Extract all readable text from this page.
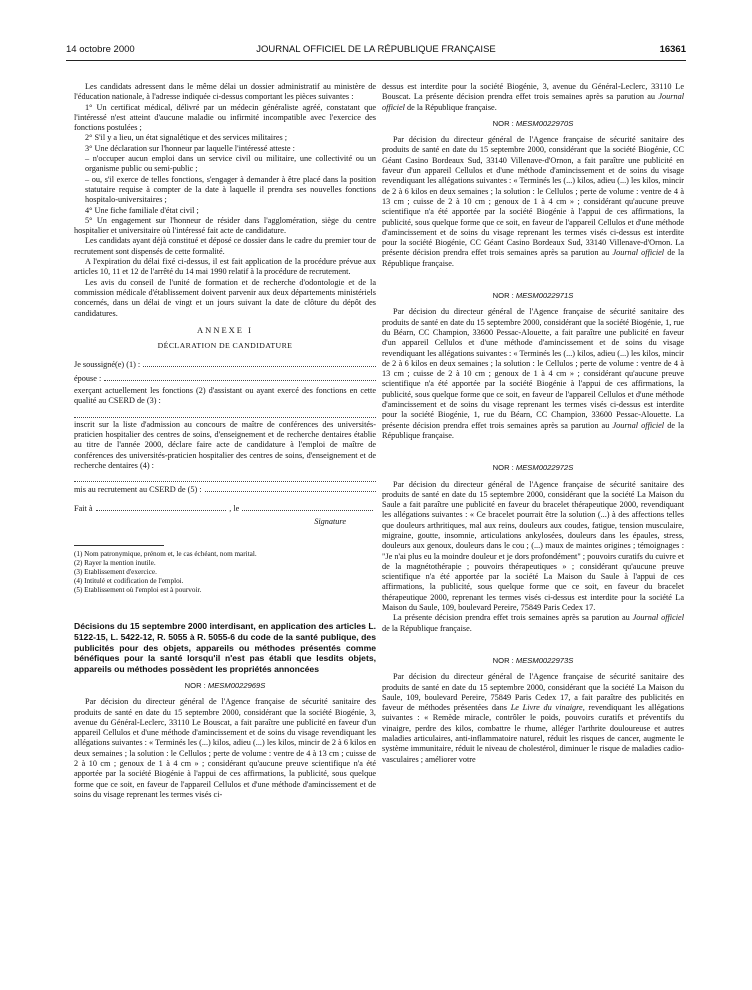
14 octobre 2000	JOURNAL OFFICIEL DE LA RÉPUBLIQUE FRANÇAISE	16361

Les candidats adressent dans le même délai un dossier administratif au ministère de l'éducation nationale, à l'adresse indiquée ci-dessus comportant les pièces suivantes :

1° Un certificat médical, délivré par un médecin généraliste agréé, constatant que l'intéressé n'est atteint d'aucune maladie ou infirmité incompatible avec l'exercice des fonctions postulées ;

2° S'il y a lieu, un état signalétique et des services militaires ;

3° Une déclaration sur l'honneur par laquelle l'intéressé atteste :

– n'occuper aucun emploi dans un service civil ou militaire, une collectivité ou un organisme public ou semi-public ;

– ou, s'il exerce de telles fonctions, s'engager à demander à être placé dans la position statutaire requise à compter de la date à laquelle il prendra ses nouvelles fonctions hospitalo-universitaires ;

4° Une fiche familiale d'état civil ;

5° Un engagement sur l'honneur de résider dans l'agglomération, siège du centre hospitalier et universitaire où l'intéressé fait acte de candidature.

Les candidats ayant déjà constitué et déposé ce dossier dans le cadre du premier tour de recrutement sont dispensés de cette formalité.

A l'expiration du délai fixé ci-dessus, il est fait application de la procédure prévue aux articles 10, 11 et 12 de l'arrêté du 14 mai 1990 relatif à la procédure de recrutement.

Les avis du conseil de l'unité de formation et de recherche d'odontologie et de la commission médicale d'établissement doivent parvenir aux deux départements ministériels concernés, dans un délai de vingt et un jours suivant la date de clôture du dépôt des candidatures.

ANNEXE I
DÉCLARATION DE CANDIDATURE
Je soussigné(e) (1) :
épouse :

exerçant actuellement les fonctions (2) d'assistant ou ayant exercé des fonctions en cette qualité au CSERD de (3) :

inscrit sur la liste d'admission au concours de maître de conférences des universités-praticien hospitalier des centres de soins, d'enseignement et de recherche dentaires établie au titre de l'année 2000, déclare faire acte de candidature à l'emploi de maître de conférences des universités-praticien hospitalier des centres de soins, d'enseignement et de recherche dentaires (4) :

mis au recrutement au CSERD de (5) :
Fait à	, le
Signature

(1) Nom patronymique, prénom et, le cas échéant, nom marital.

(2) Rayer la mention inutile.

(3) Etablissement d'exercice.

(4) Intitulé et codification de l'emploi.

(5) Etablissement où l'emploi est à pourvoir.

Décisions du 15 septembre 2000 interdisant, en application des articles L. 5122-15, L. 5422-12, R. 5055 à R. 5055-6 du code de la santé publique, des publicités pour des objets, appareils ou méthodes présentés comme bénéfiques pour la santé lorsqu'il n'est pas établi que lesdits objets, appareils ou méthodes possèdent les propriétés annoncées
NOR : MESM0022969S

Par décision du directeur général de l'Agence française de sécurité sanitaire des produits de santé en date du 15 septembre 2000, considérant que la société Biogénie, 3, avenue du Général-Leclerc, 33110 Le Bouscat, a fait paraître une publicité en faveur d'un appareil Cellulos et d'une méthode d'amincissement et de soins du visage revendiquant les allégations suivantes : « Terminés les (...) kilos, adieu (...) les kilos, mincir de 2 à 6 kilos en deux semaines ; la solution : le Cellulos ; perte de volume : ventre de 4 à 13 cm ; cuisse de 2 à 10 cm ; genoux de 1 à 4 cm » ; considérant qu'aucune preuve scientifique n'a été apportée par la société Biogénie à l'appui de ces affirmations, la publicité, sous quelque forme que ce soit, en faveur de l'appareil Cellulos et d'une méthode d'amincissement et de soins du visage reprenant les termes visés ci-

dessus est interdite pour la société Biogénie, 3, avenue du Général-Leclerc, 33110 Le Bouscat. La présente décision prendra effet trois semaines après sa parution au Journal officiel de la République française.

NOR : MESM0022970S

Par décision du directeur général de l'Agence française de sécurité sanitaire des produits de santé en date du 15 septembre 2000, considérant que la société Biogénie, CC Géant Casino Bordeaux Sud, 33140 Villenave-d'Ornon, a fait paraître une publicité en faveur d'un appareil Cellulos et d'une méthode d'amincissement et de soins du visage revendiquant les allégations suivantes : « Terminés les (...) kilos, adieu (...) les kilos, mincir de 2 à 6 kilos en deux semaines ; la solution : le Cellulos ; perte de volume : ventre de 4 à 13 cm ; cuisse de 2 à 10 cm ; genoux de 1 à 4 cm » ; considérant qu'aucune preuve scientifique n'a été apportée par la société Biogénie à l'appui de ces affirmations, la publicité, sous quelque forme que ce soit, en faveur de l'appareil Cellulos et d'une méthode d'amincissement et de soins du visage reprenant les termes visés ci-dessus est interdite pour la société Biogénie, CC Géant Casino Bordeaux Sud, 33140 Villenave-d'Ornon. La présente décision prendra effet trois semaines après sa parution au Journal officiel de la République française.

NOR : MESM0022971S

Par décision du directeur général de l'Agence française de sécurité sanitaire des produits de santé en date du 15 septembre 2000, considérant que la société Biogénie, 1, rue du Béarn, CC Champion, 33600 Pessac-Alouette, a fait paraître une publicité en faveur d'un appareil Cellulos et d'une méthode d'amincissement et de soins du visage revendiquant les allégations suivantes : « Terminés les (...) kilos, adieu (...) les kilos, mincir de 2 à 6 kilos en deux semaines ; la solution : le Cellulos ; perte de volume : ventre de 4 à 13 cm ; cuisse de 2 à 10 cm ; genoux de 1 à 4 cm » ; considérant qu'aucune preuve scientifique n'a été apportée par la société Biogénie à l'appui de ces affirmations, la publicité, sous quelque forme que ce soit, en faveur de l'appareil Cellulos et d'une méthode d'amincissement et de soins du visage reprenant les termes visés ci-dessus est interdite pour la société Biogénie, 1, rue du Béarn, CC Champion, 33600 Pessac-Alouette. La présente décision prendra effet trois semaines après sa parution au Journal officiel de la République française.

NOR : MESM0022972S

Par décision du directeur général de l'Agence française de sécurité sanitaire des produits de santé en date du 15 septembre 2000, considérant que la société La Maison du Saule a fait paraître une publicité en faveur du bracelet thérapeutique 2000, revendiquant les allégations suivantes : « Ce bracelet pourrait être la solution (...) à des affections telles que douleurs arthritiques, mal aux reins, douleurs aux coudes, fatigue, tension musculaire, migraine, goutte, insomnie, articulations ankylosées, douleurs dans les épaules, stress, douleurs aux genoux, douleurs dans le cou ; (...) maux de maintes origines ; témoignages : "Je n'ai plus eu la moindre douleur et je dors profondément" ; pouvoirs curatifs du cuivre et de la magnétothérapie ; pouvoirs thérapeutiques » ; considérant qu'aucune preuve scientifique n'a été apportée par la société La Maison du Saule à l'appui de ces affirmations, la publicité, sous quelque forme que ce soit, en faveur du bracelet thérapeutique 2000, reprenant les termes visés ci-dessus est interdite pour la société La Maison du Saule, 109, boulevard Pereire, 75849 Paris Cedex 17.

La présente décision prendra effet trois semaines après sa parution au Journal officiel de la République française.

NOR : MESM0022973S

Par décision du directeur général de l'Agence française de sécurité sanitaire des produits de santé en date du 15 septembre 2000, considérant que la société La Maison du Saule, 109, boulevard Pereire, 75849 Paris Cedex 17, a fait paraître des publicités en faveur de méthodes présentées dans Le Livre du vinaigre, revendiquant les allégations suivantes : « Remède miracle, contrôler le poids, pouvoirs curatifs et préventifs du vinaigre, perdre des kilos, combattre le rhume, alléger l'arthrite douloureuse et autres maladies articulaires, anti-inflammatoire naturel, réduit les risques de cancer, augmente le système immunitaire, réduit le niveau de cholestérol, diminuer le risque de maladies cadio-vasculaires ; améliorer votre
